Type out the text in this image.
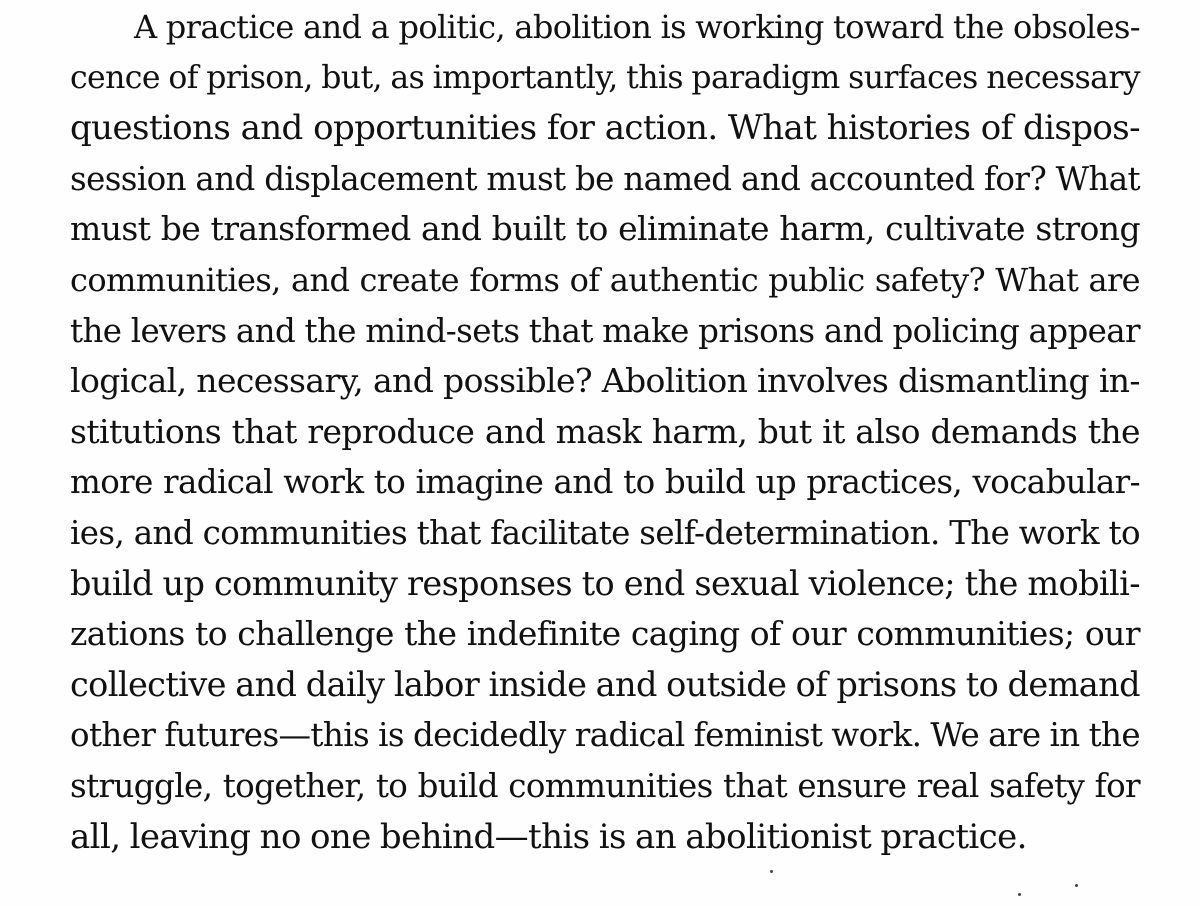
A practice and a politic, abolition is working toward the obsoles-
cence of prison, but, as importantly, this paradigm surfaces necessary
questions and opportunities for action. What histories of dispos-
session and displacement must be named and accounted for? What
must be transformed and built to eliminate harm, cultivate strong
communities, and create forms of authentic public safety? What are
the levers and the mind-sets that make prisons and policing appear
logical, necessary, and possible? Abolition involves dismantling in-
stitutions that reproduce and mask harm, but it also demands the
more radical work to imagine and to build up practices, vocabular-
ies, and communities that facilitate self-determination. The work to
build up community responses to end sexual violence; the mobili-
zations to challenge the indefinite caging of our communities; our
collective and daily labor inside and outside of prisons to demand
other futures—this is decidedly radical feminist work. We are in the
struggle, together, to build communities that ensure real safety for
all, leaving no one behind—this is an abolitionist practice.
